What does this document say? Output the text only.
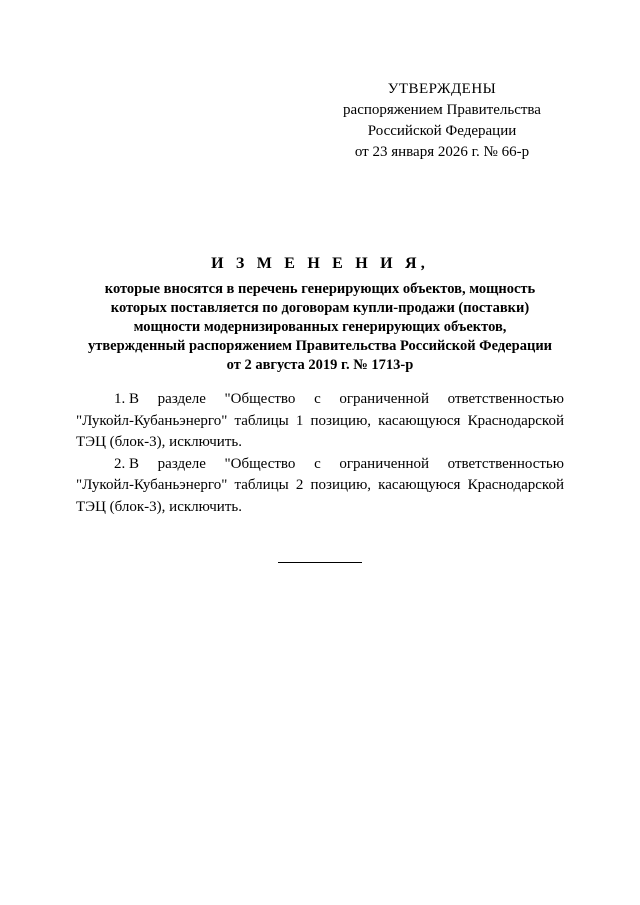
УТВЕРЖДЕНЫ
распоряжением Правительства
Российской Федерации
от 23 января 2026 г. № 66-р
И З М Е Н Е Н И Я,
которые вносятся в перечень генерирующих объектов, мощность
которых поставляется по договорам купли-продажи (поставки)
мощности модернизированных генерирующих объектов,
утвержденный распоряжением Правительства Российской Федерации
от 2 августа 2019 г. № 1713-р
1. В разделе "Общество с ограниченной ответственностью
"Лукойл-Кубаньэнерго" таблицы 1 позицию, касающуюся Краснодарской
ТЭЦ (блок-3), исключить.
2. В разделе "Общество с ограниченной ответственностью
"Лукойл-Кубаньэнерго" таблицы 2 позицию, касающуюся Краснодарской
ТЭЦ (блок-3), исключить.
